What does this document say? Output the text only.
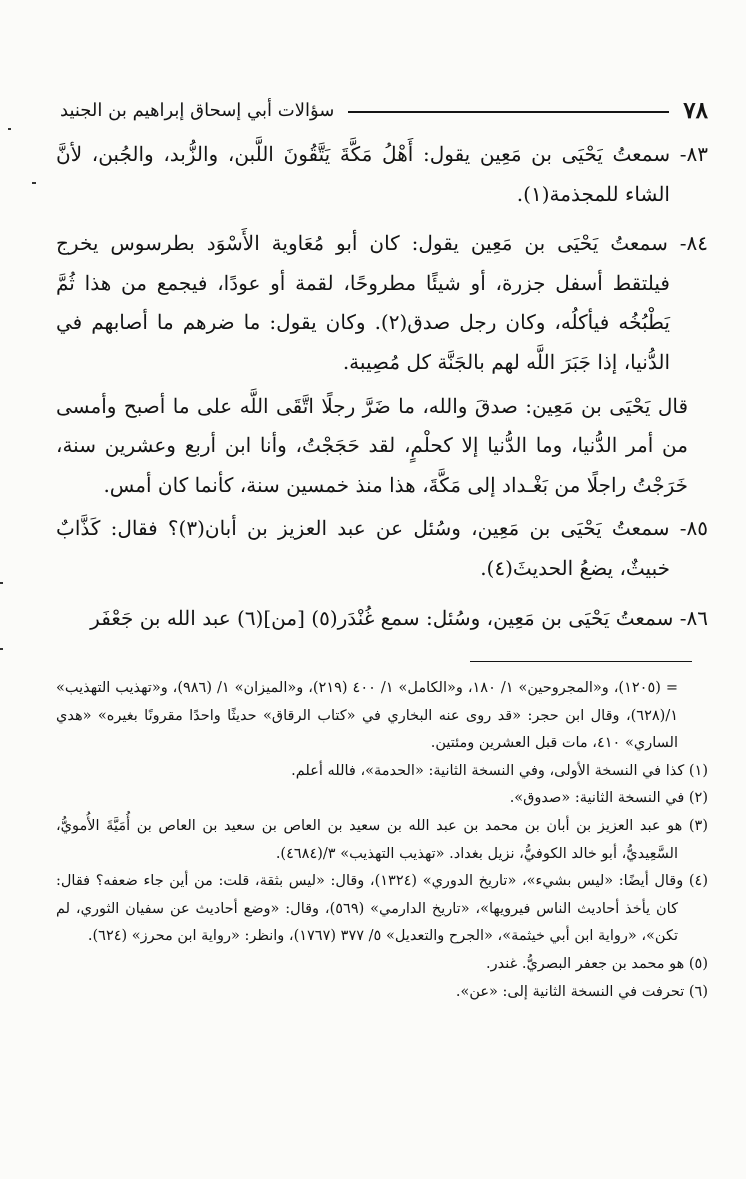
٧٨
سؤالات أبي إسحاق إبراهيم بن الجنيد

٨٣- سمعتُ يَحْيَى بن مَعِين يقول: أَهْلُ مَكَّةَ يَتَّقُونَ اللَّبن، والزُّبد، والجُبن، لأنَّ الشاء للمجذمة(١).

٨٤- سمعتُ يَحْيَى بن مَعِين يقول: كان أبو مُعَاوية الأَسْوَد بطرسوس يخرج فيلتقط أسفل جزرة، أو شيئًا مطروحًا، لقمة أو عودًا، فيجمع من هذا ثُمَّ يَطْبُخُه فيأكلُه، وكان رجل صدق(٢). وكان يقول: ما ضرهم ما أصابهم في الدُّنيا، إذا جَبَرَ اللَّه لهم بالجَنَّة كل مُصِيبة.

قال يَحْيَى بن مَعِين: صدقَ والله، ما ضَرَّ رجلًا اتَّقَى اللَّه على ما أصبح وأمسى من أمر الدُّنيا، وما الدُّنيا إلا كحلْمٍ، لقد حَجَجْتُ، وأنا ابن أربع وعشرين سنة، خَرَجْتُ راجلًا من بَغْـداد إلى مَكَّةَ، هذا منذ خمسين سنة، كأنما كان أمس.

٨٥- سمعتُ يَحْيَى بن مَعِين، وسُئل عن عبد العزيز بن أبان(٣)؟ فقال: كَذَّابٌ خبيثٌ، يضعُ الحديثَ(٤).

٨٦- سمعتُ يَحْيَى بن مَعِين، وسُئل: سمع غُنْدَر(٥) [من](٦) عبد الله بن جَعْفَر

= (١٢٠٥)، و«المجروحين» ١/ ١٨٠، و«الكامل» ١/ ٤٠٠ (٢١٩)، و«الميزان» ١/ (٩٨٦)، و«تهذيب التهذيب» ١/(٦٢٨)، وقال ابن حجر: «قد روى عنه البخاري في «كتاب الرقاق» حديثًا واحدًا مقرونًا بغيره» «هدي الساري» ٤١٠، مات قبل العشرين ومئتين.

(١) كذا في النسخة الأولى، وفي النسخة الثانية: «الحدمة»، فالله أعلم.

(٢) في النسخة الثانية: «صدوق».

(٣) هو عبد العزيز بن أبان بن محمد بن عبد الله بن سعيد بن العاص بن سعيد بن العاص بن أُمَيَّةَ الأُمويُّ، السَّعِيديُّ، أبو خالد الكوفيُّ، نزيل بغداد. «تهذيب التهذيب» ٣/(٤٦٨٤).

(٤) وقال أيضًا: «ليس بشيء»، «تاريخ الدوري» (١٣٢٤)، وقال: «ليس بثقة، قلت: من أين جاء ضعفه؟ فقال: كان يأخذ أحاديث الناس فيرويها»، «تاريخ الدارمي» (٥٦٩)، وقال: «وضع أحاديث عن سفيان الثوري، لم تكن»، «رواية ابن أبي خيثمة»، «الجرح والتعديل» ٥/ ٣٧٧ (١٧٦٧)، وانظر: «رواية ابن محرز» (٦٢٤).

(٥) هو محمد بن جعفر البصريُّ. غندر.

(٦) تحرفت في النسخة الثانية إلى: «عن».
